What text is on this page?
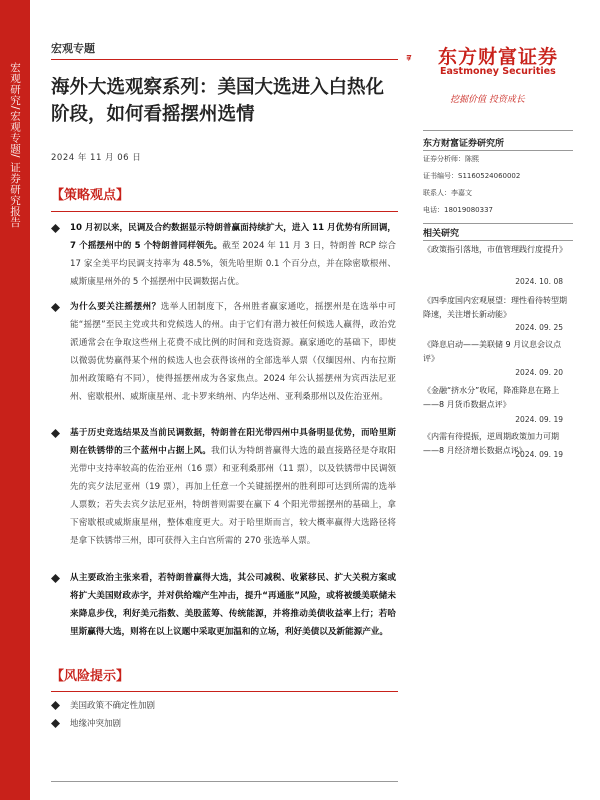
宏观研究/宏观专题/ 证券研究报告
宏观专题
海外大选观察系列：美国大选进入白热化阶段，如何看摇摆州选情
2024 年 11 月 06 日
东方财富证券
Eastmoney Securities
挖掘价值 投资成长
东方财富证券研究所
证券分析师：陈熙
证书编号：S1160524060002
联系人：李嘉文
电话：18019080337
相关研究
《政策指引落地，市值管理践行度提升》
2024. 10. 08
《四季度国内宏观展望：理性看待转型期降速，关注增长新动能》
2024. 09. 25
《降息启动——美联储 9 月议息会议点评》
2024. 09. 20
《金融“挤水分”收尾，降准降息在路上——8 月货币数据点评》
2024. 09. 19
《内需有待提振，逆周期政策加力可期——8 月经济增长数据点评》
2024. 09. 19
【策略观点】
10 月初以来，民调及合约数据显示特朗普赢面持续扩大，进入 11 月优势有所回调，7 个摇摆州中的 5 个特朗普同样领先。截至 2024 年 11 月 3 日，特朗普 RCP 综合 17 家全美平均民调支持率为 48.5%，领先哈里斯 0.1 个百分点，并在除密歇根州、威斯康星州外的 5 个摇摆州中民调数据占优。
为什么要关注摇摆州？选举人团制度下，各州胜者赢家通吃，摇摆州是在选举中可能“摇摆”至民主党或共和党候选人的州。由于它们有潜力被任何候选人赢得，政治党派通常会在争取这些州上花费不成比例的时间和竞选资源。赢家通吃的基础下，即使以微弱优势赢得某个州的候选人也会获得该州的全部选举人票（仅缅因州、内布拉斯加州政策略有不同），使得摇摆州成为各家焦点。2024 年公认摇摆州为宾西法尼亚州、密歇根州、威斯康星州、北卡罗来纳州、内华达州、亚利桑那州以及佐治亚州。
基于历史竞选结果及当前民调数据，特朗普在阳光带四州中具备明显优势，而哈里斯则在铁锈带的三个蓝州中占据上风。我们认为特朗普赢得大选的最直接路径是夺取阳光带中支持率较高的佐治亚州（16 票）和亚利桑那州（11 票），以及铁锈带中民调领先的宾夕法尼亚州（19 票），再加上任意一个关键摇摆州的胜利即可达到所需的选举人票数；若失去宾夕法尼亚州，特朗普则需要在赢下 4 个阳光带摇摆州的基础上，拿下密歇根或威斯康星州，整体难度更大。对于哈里斯而言，较大概率赢得大选路径将是拿下铁锈带三州，即可获得入主白宫所需的 270 张选举人票。
从主要政治主张来看，若特朗普赢得大选，其公司减税、收紧移民、扩大关税方案或将扩大美国财政赤字，并对供给端产生冲击，提升“再通胀”风险，或将被缓美联储未来降息步伐，利好美元指数、美股蓝筹、传统能源，并将推动美债收益率上行；若哈里斯赢得大选，则将在以上议题中采取更加温和的立场，利好美债以及新能源产业。
【风险提示】
美国政策不确定性加剧
地缘冲突加剧
